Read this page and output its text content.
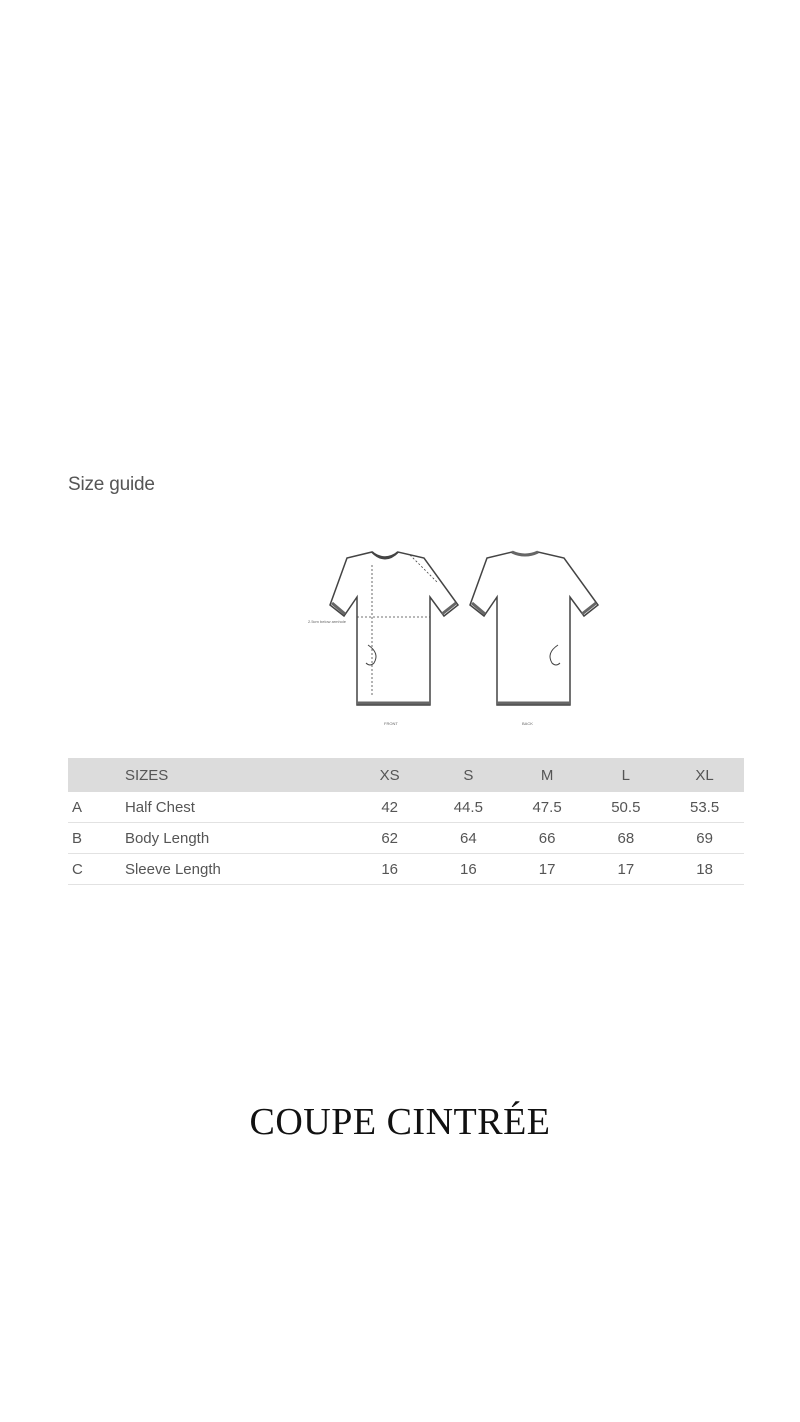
Size guide
2.5cm below armhole
FRONT	BACK
	SIZES	XS	S	M	L	XL
A	Half Chest	42	44.5	47.5	50.5	53.5
B	Body Length	62	64	66	68	69
C	Sleeve Length	16	16	17	17	18
COUPE CINTRÉE
